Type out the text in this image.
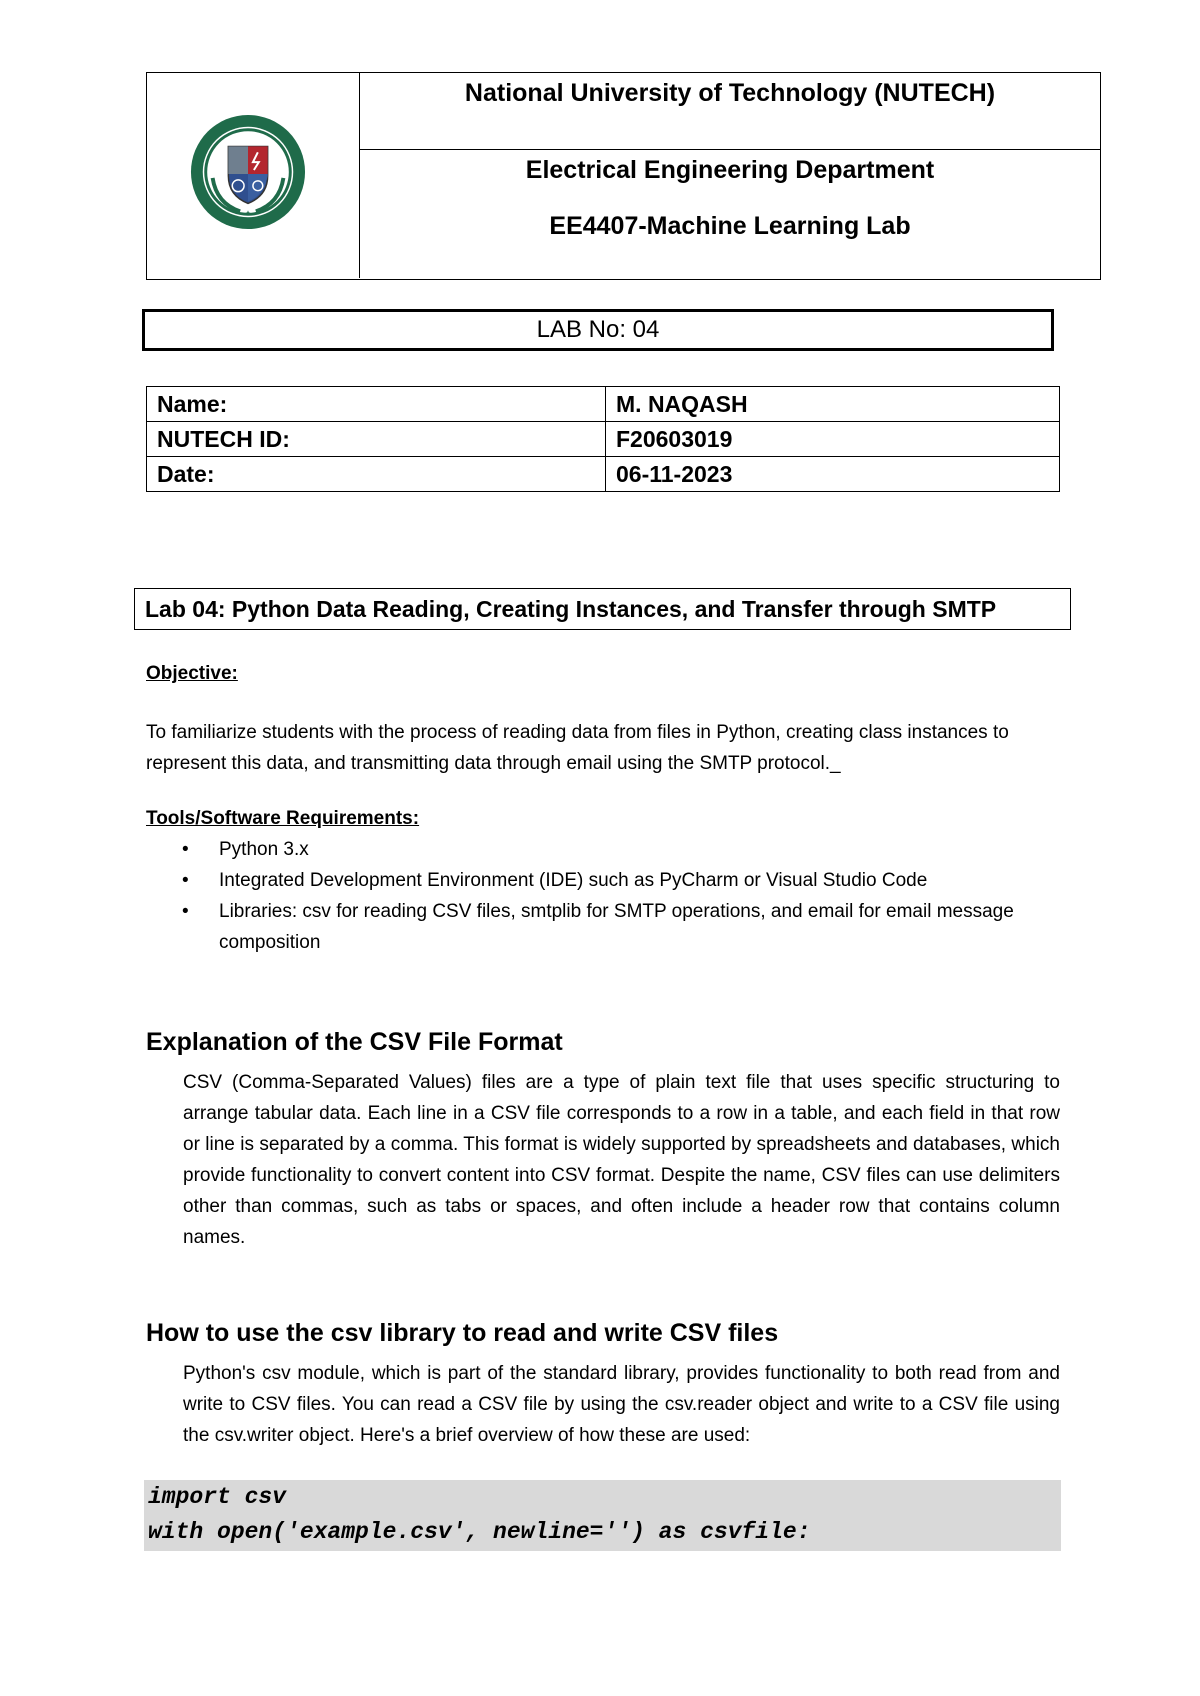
National University of Technology (NUTECH)
Electrical Engineering Department
EE4407-Machine Learning Lab
LAB No: 04
Name:	M. NAQASH
NUTECH ID:	F20603019
Date:	06-11-2023
Lab 04: Python Data Reading, Creating Instances, and Transfer through SMTP
Objective:
To familiarize students with the process of reading data from files in Python, creating class instances to represent this data, and transmitting data through email using the SMTP protocol._
Tools/Software Requirements:
• Python 3.x
• Integrated Development Environment (IDE) such as PyCharm or Visual Studio Code
• Libraries: csv for reading CSV files, smtplib for SMTP operations, and email for email message composition
Explanation of the CSV File Format
CSV (Comma-Separated Values) files are a type of plain text file that uses specific structuring to arrange tabular data. Each line in a CSV file corresponds to a row in a table, and each field in that row or line is separated by a comma. This format is widely supported by spreadsheets and databases, which provide functionality to convert content into CSV format. Despite the name, CSV files can use delimiters other than commas, such as tabs or spaces, and often include a header row that contains column names.
How to use the csv library to read and write CSV files
Python's csv module, which is part of the standard library, provides functionality to both read from and write to CSV files. You can read a CSV file by using the csv.reader object and write to a CSV file using the csv.writer object. Here's a brief overview of how these are used:
import csv
with open('example.csv', newline='') as csvfile:
